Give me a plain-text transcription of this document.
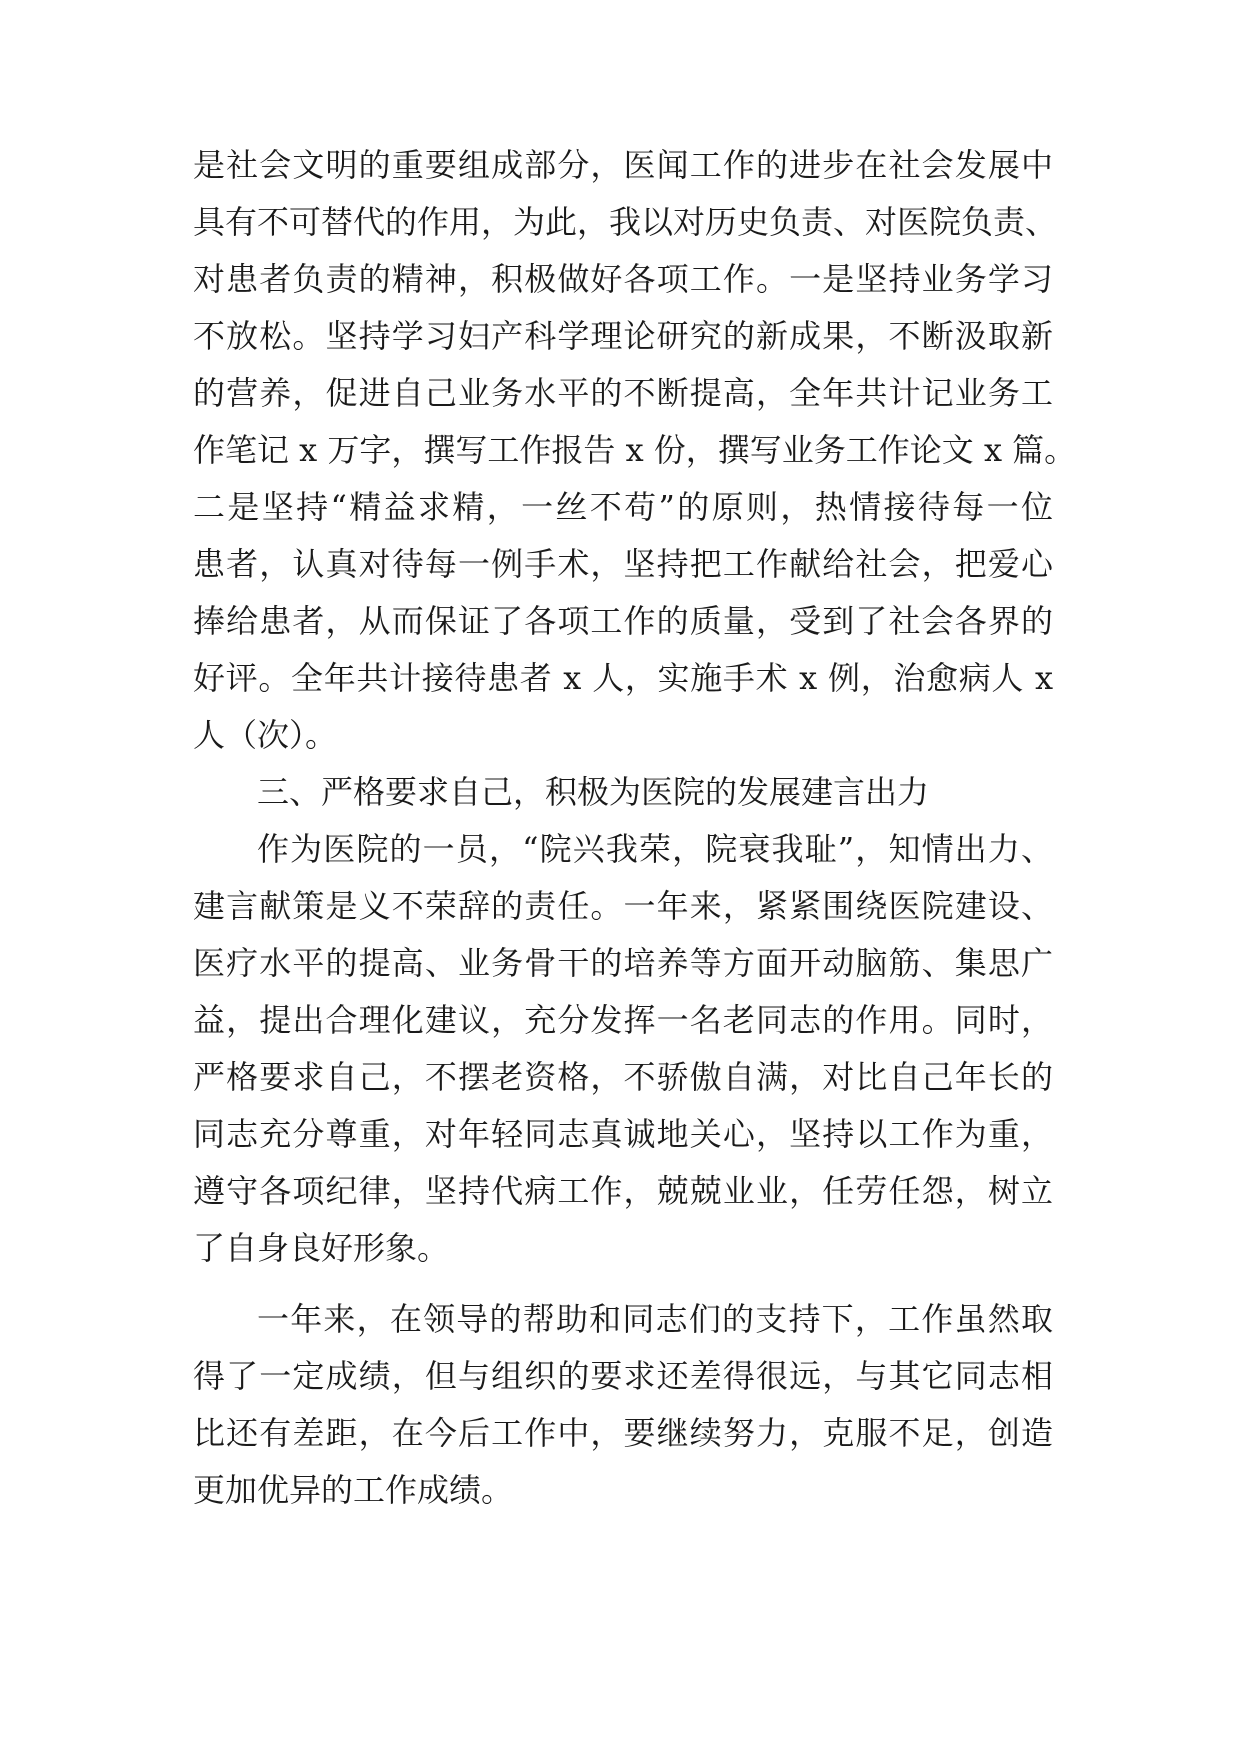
是社会文明的重要组成部分，医闻工作的进步在社会发展中
具有不可替代的作用，为此，我以对历史负责、对医院负责、
对患者负责的精神，积极做好各项工作。一是坚持业务学习
不放松。坚持学习妇产科学理论研究的新成果，不断汲取新
的营养，促进自己业务水平的不断提高，全年共计记业务工
作笔记 x 万字，撰写工作报告 x 份，撰写业务工作论文 x 篇。
二是坚持“精益求精，一丝不苟”的原则，热情接待每一位
患者，认真对待每一例手术，坚持把工作献给社会，把爱心
捧给患者，从而保证了各项工作的质量，受到了社会各界的
好评。全年共计接待患者 x 人，实施手术 x 例，治愈病人 x
人（次）。
三、严格要求自己，积极为医院的发展建言出力
作为医院的一员，“院兴我荣，院衰我耻”，知情出力、
建言献策是义不荣辞的责任。一年来，紧紧围绕医院建设、
医疗水平的提高、业务骨干的培养等方面开动脑筋、集思广
益，提出合理化建议，充分发挥一名老同志的作用。同时，
严格要求自己，不摆老资格，不骄傲自满，对比自己年长的
同志充分尊重，对年轻同志真诚地关心，坚持以工作为重，
遵守各项纪律，坚持代病工作，兢兢业业，任劳任怨，树立
了自身良好形象。
一年来，在领导的帮助和同志们的支持下，工作虽然取
得了一定成绩，但与组织的要求还差得很远，与其它同志相
比还有差距，在今后工作中，要继续努力，克服不足，创造
更加优异的工作成绩。
